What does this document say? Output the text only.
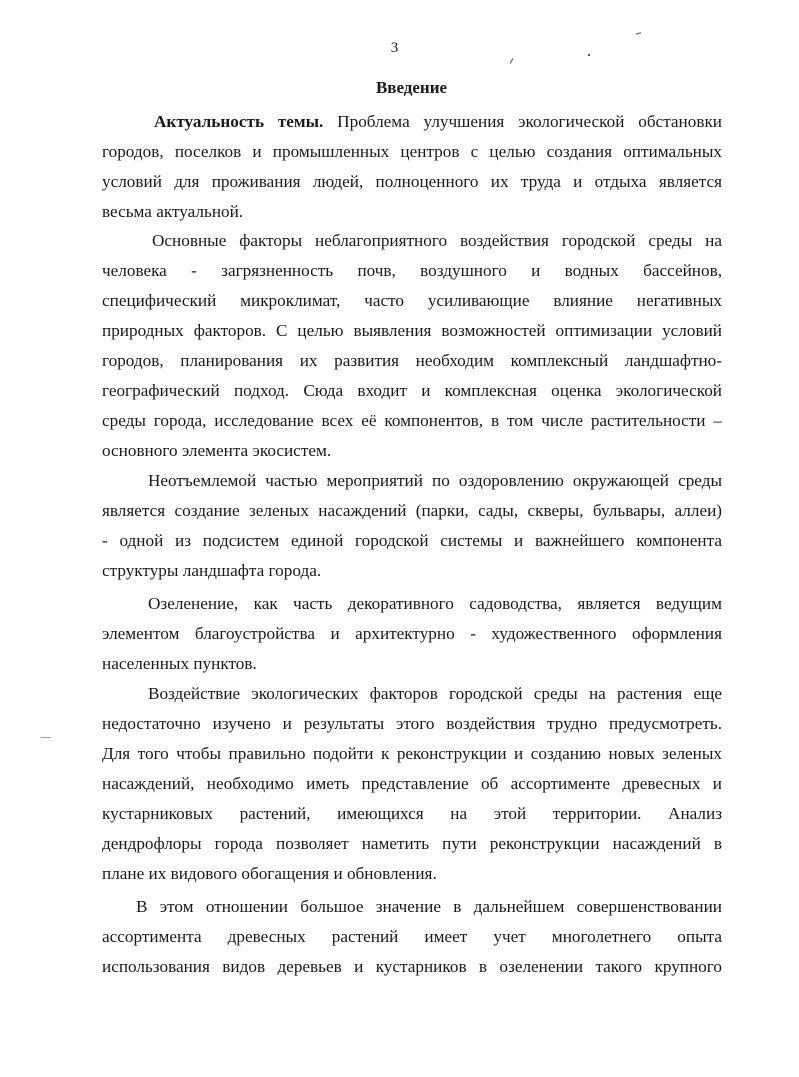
3
Введение
Актуальность темы. Проблема улучшения экологической обстановки
городов, поселков и промышленных центров с целью создания оптимальных
условий для проживания людей, полноценного их труда и отдыха является
весьма актуальной.
Основные факторы неблагоприятного воздействия городской среды на
человека - загрязненность почв, воздушного и водных бассейнов,
специфический микроклимат, часто усиливающие влияние негативных
природных факторов. С целью выявления возможностей оптимизации условий
городов, планирования их развития необходим комплексный ландшафтно-
географический подход. Сюда входит и комплексная оценка экологической
среды города, исследование всех её компонентов, в том числе растительности –
основного элемента экосистем.
Неотъемлемой частью мероприятий по оздоровлению окружающей среды
является создание зеленых насаждений (парки, сады, скверы, бульвары, аллеи)
- одной из подсистем единой городской системы и важнейшего компонента
структуры ландшафта города.
Озеленение, как часть декоративного садоводства, является ведущим
элементом благоустройства и архитектурно - художественного оформления
населенных пунктов.
Воздействие экологических факторов городской среды на растения еще
недостаточно изучено и результаты этого воздействия трудно предусмотреть.
Для того чтобы правильно подойти к реконструкции и созданию новых зеленых
насаждений, необходимо иметь представление об ассортименте древесных и
кустарниковых растений, имеющихся на этой территории. Анализ
дендрофлоры города позволяет наметить пути реконструкции насаждений в
плане их видового обогащения и обновления.
В этом отношении большое значение в дальнейшем совершенствовании
ассортимента древесных растений имеет учет многолетнего опыта
использования видов деревьев и кустарников в озеленении такого крупного
